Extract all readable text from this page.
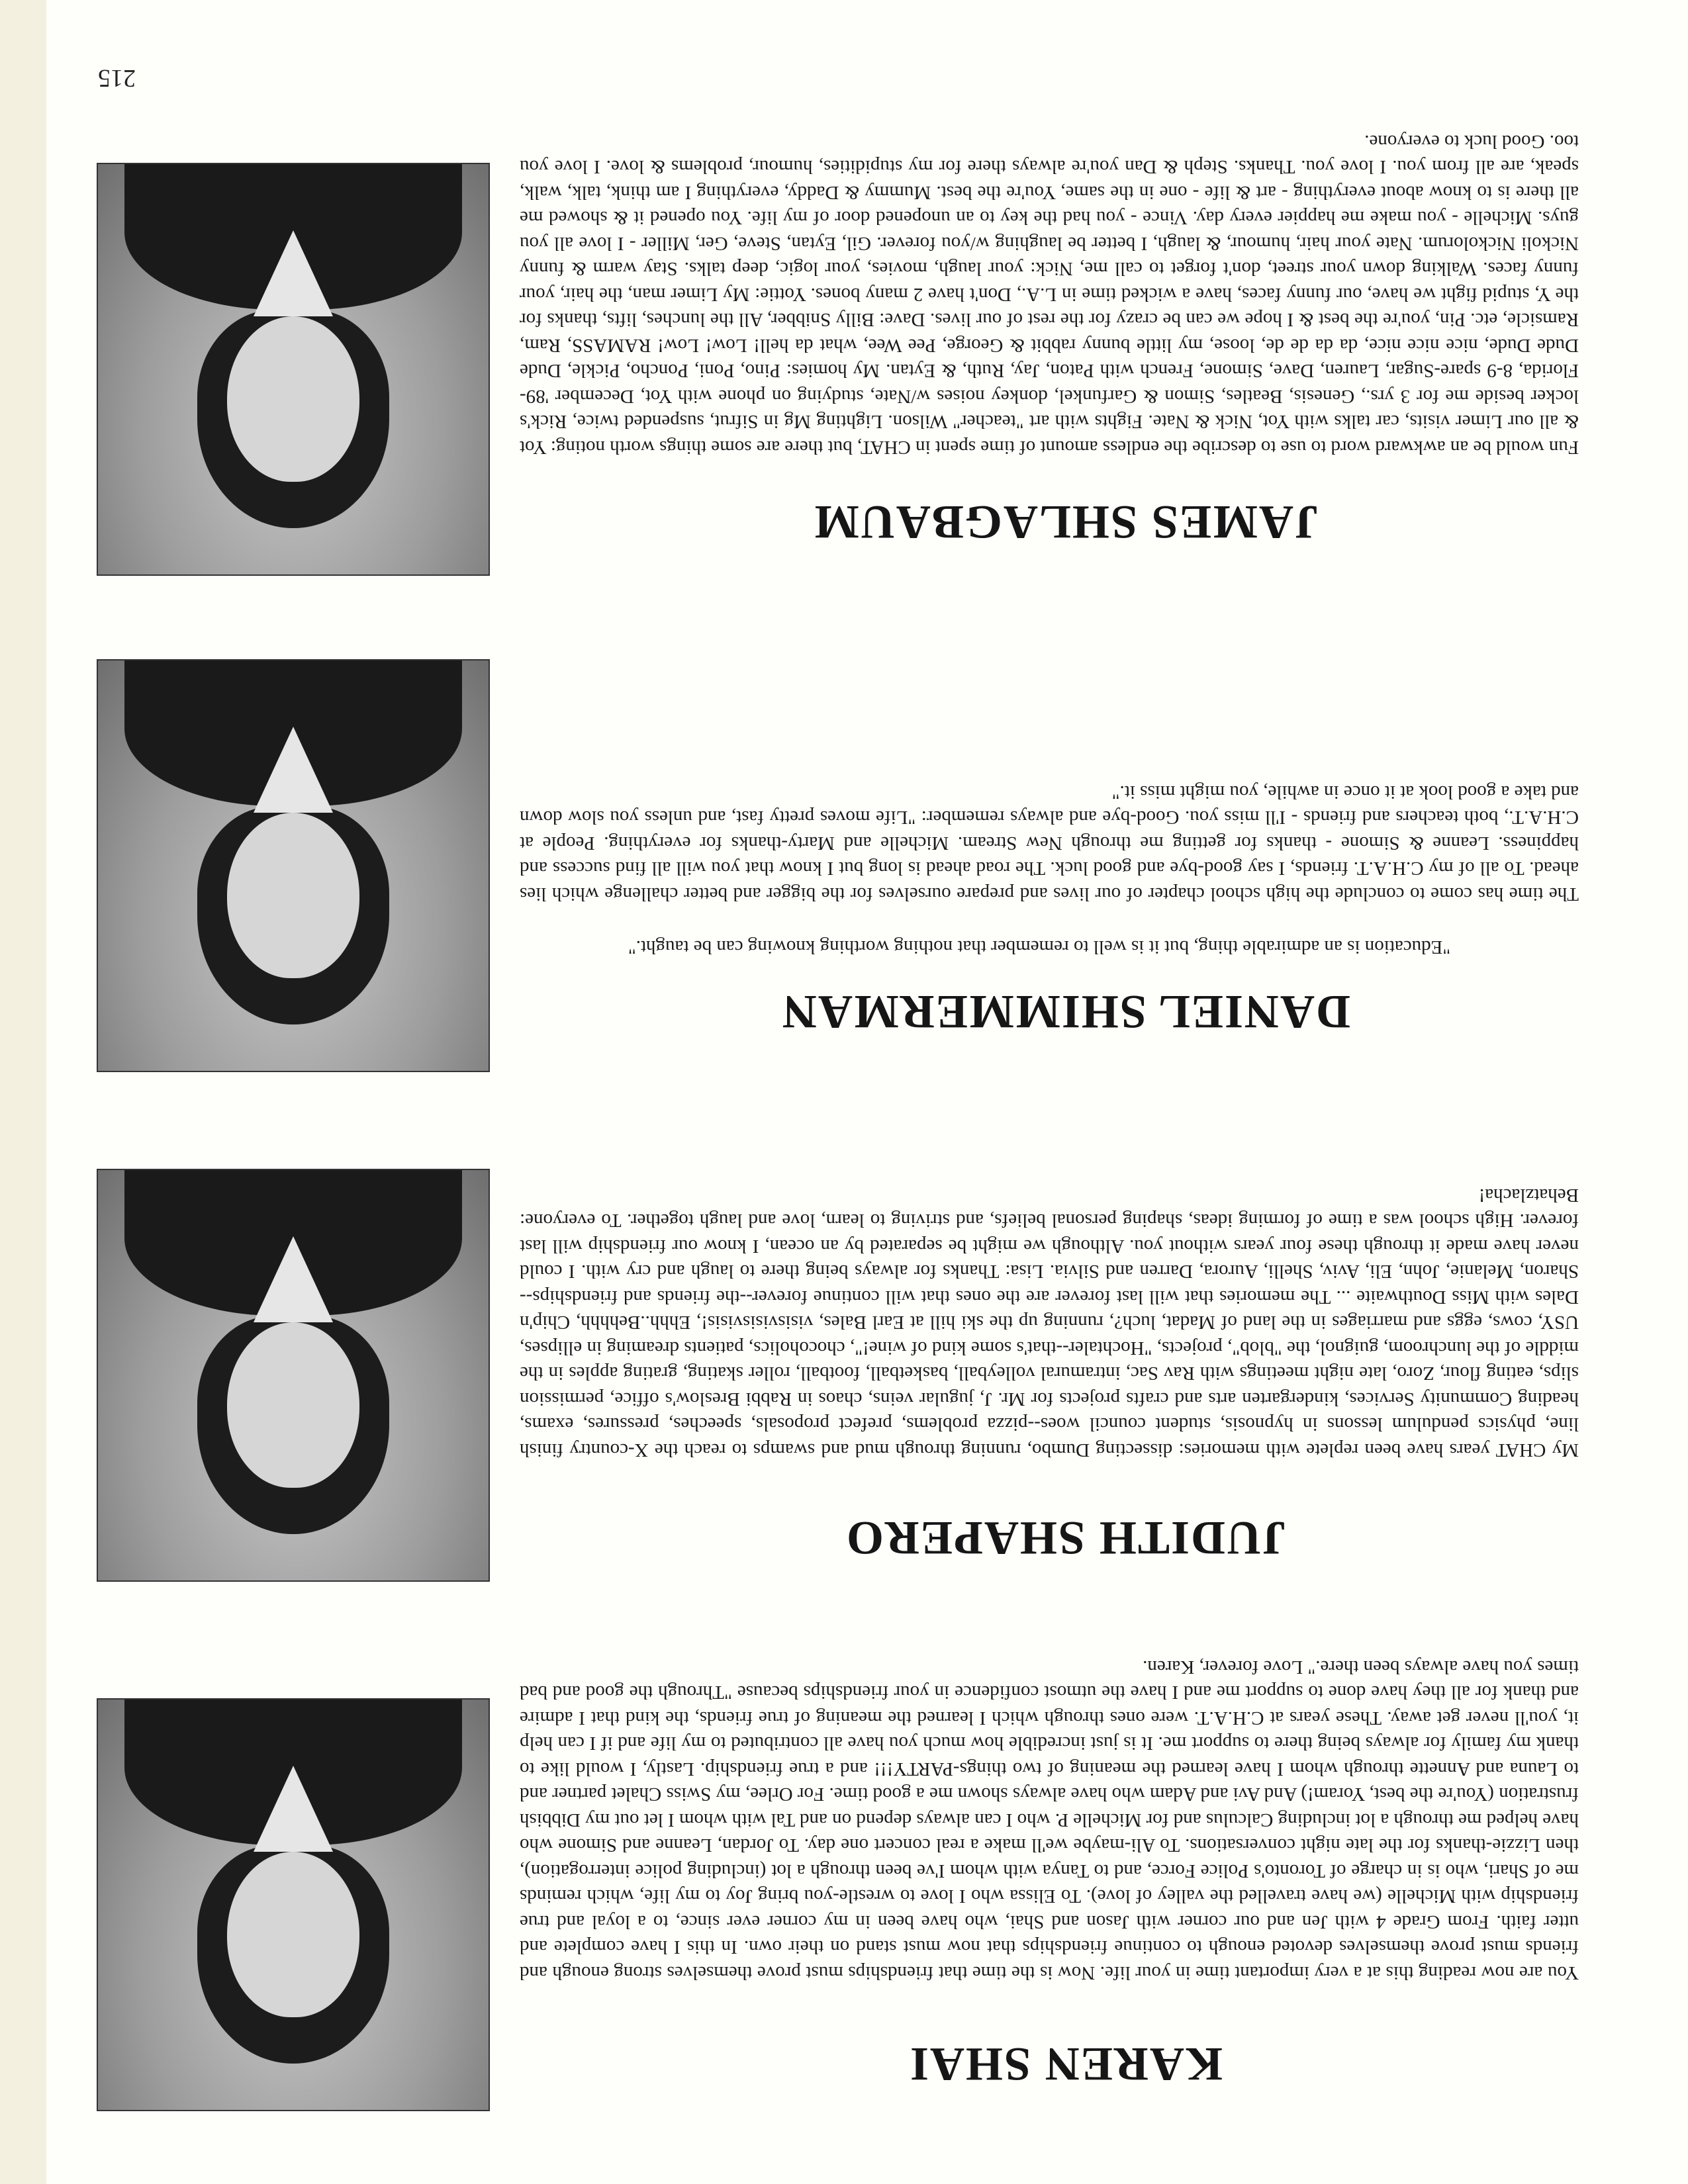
KAREN SHAI

You are now reading this at a very important time in your life. Now is the time that friendships must prove themselves strong enough and friends must prove themselves devoted enough to continue friendships that now must stand on their own. In this I have complete and utter faith. From Grade 4 with Jen and our corner with Jason and Shai, who have been in my corner ever since, to a loyal and true friendship with Michelle (we have travelled the valley of love). To Elissa who I love to wrestle-you bring Joy to my life, which reminds me of Shari, who is in charge of Toronto's Police Force, and to Tanya with whom I've been through a lot (including police interrogation), then Lizzie-thanks for the late night conversations. To Ali-maybe we'll make a real concert one day. To Jordan, Leanne and Simone who have helped me through a lot including Calculus and for Michelle P. who I can always depend on and Tal with whom I let out my Dibbish frustration (You're the best, Yoram!) And Avi and Adam who have always shown me a good time. For Orlee, my Swiss Chalet partner and to Launa and Annette through whom I have learned the meaning of two things-PARTY!!! and a true friendship. Lastly, I would like to thank my family for always being there to support me. It is just incredible how much you have all contributed to my life and if I can help it, you'll never get away. These years at C.H.A.T. were ones through which I learned the meaning of true friends, the kind that I admire and thank for all they have done to support me and I have the utmost confidence in your friendships because "Through the good and bad times you have always been there." Love forever, Karen.

JUDITH SHAPERO

My CHAT years have been replete with memories: dissecting Dumbo, running through mud and swamps to reach the X-country finish line, physics pendulum lessons in hypnosis, student council woes--pizza problems, prefect proposals, speeches, pressures, exams, heading Community Services, kindergarten arts and crafts projects for Mr. J, jugular veins, chaos in Rabbi Breslow's office, permission slips, eating flour, Zoro, late night meetings with Rav Sac, intramural volleyball, basketball, football, roller skating, grating apples in the middle of the lunchroom, guignol, the "blob", projects, "Hochtaler--that's some kind of wine!", chocoholics, patients dreaming in ellipses, USY, cows, eggs and marriages in the land of Madat, luch?, running up the ski hill at Earl Bales, visisvisisvisis!, Ehhh..Behhhh, Chip'n Dales with Miss Douthwaite ... The memories that will last forever are the ones that will continue forever--the friends and friendships--Sharon, Melanie, John, Eli, Aviv, Shelli, Aurora, Darren and Silvia. Lisa: Thanks for always being there to laugh and cry with. I could never have made it through these four years without you. Although we might be separated by an ocean, I know our friendship will last forever. High school was a time of forming ideas, shaping personal beliefs, and striving to learn, love and laugh together. To everyone: Behatzlacha!

DANIEL SHIMMERMAN

"Education is an admirable thing, but it is well to remember that nothing worthing knowing can be taught."

The time has come to conclude the high school chapter of our lives and prepare ourselves for the bigger and better challenge which lies ahead. To all of my C.H.A.T. friends, I say good-bye and good luck. The road ahead is long but I know that you will all find success and happiness. Leanne & Simone - thanks for getting me through New Stream. Michelle and Marty-thanks for everything. People at C.H.A.T., both teachers and friends - I'll miss you. Good-bye and always remember: "Life moves pretty fast, and unless you slow down and take a good look at it once in awhile, you might miss it."

JAMES SHLAGBAUM

Fun would be an awkward word to use to describe the endless amount of time spent in CHAT, but there are some things worth noting: Yot & all our Limer visits, car talks with Yot, Nick & Nate. Fights with art "teacher" Wilson. Lighting Mg in Sifrut, suspended twice, Rick's locker beside me for 3 yrs., Genesis, Beatles, Simon & Garfunkel, donkey noises w/Nate, studying on phone with Yot, December '89-Florida, 8-9 spare-Sugar, Lauren, Dave, Simone, French with Paton, Jay, Ruth, & Eytan. My homies: Pino, Poni, Poncho, Pickle, Dude Dude Dude, nice nice nice, da da de de, loose, my little bunny rabbit & George, Pee Wee, what da hell! Low! Low! RAMASS, Ram, Ramsicle, etc. Pin, you're the best & I hope we can be crazy for the rest of our lives. Dave: Billy Snibber, All the lunches, lifts, thanks for the Y, stupid fight we have, our funny faces, have a wicked time in L.A., Don't have 2 many bones. Yottie: My Limer man, the hair, your funny faces. Walking down your street, don't forget to call me, Nick: your laugh, movies, your logic, deep talks. Stay warm & funny Nickoli Nickolorum. Nate your hair, humour, & laugh, I better be laughing w/you forever. Gil, Eytan, Steve, Ger, Miller - I love all you guys. Michelle - you make me happier every day. Vince - you had the key to an unopened door of my life. You opened it & showed me all there is to know about everything - art & life - one in the same, You're the best. Mummy & Daddy, everything I am think, talk, walk, speak, are all from you. I love you. Thanks. Steph & Dan you're always there for my stupidities, humour, problems & love. I love you too. Good luck to everyone.

215
